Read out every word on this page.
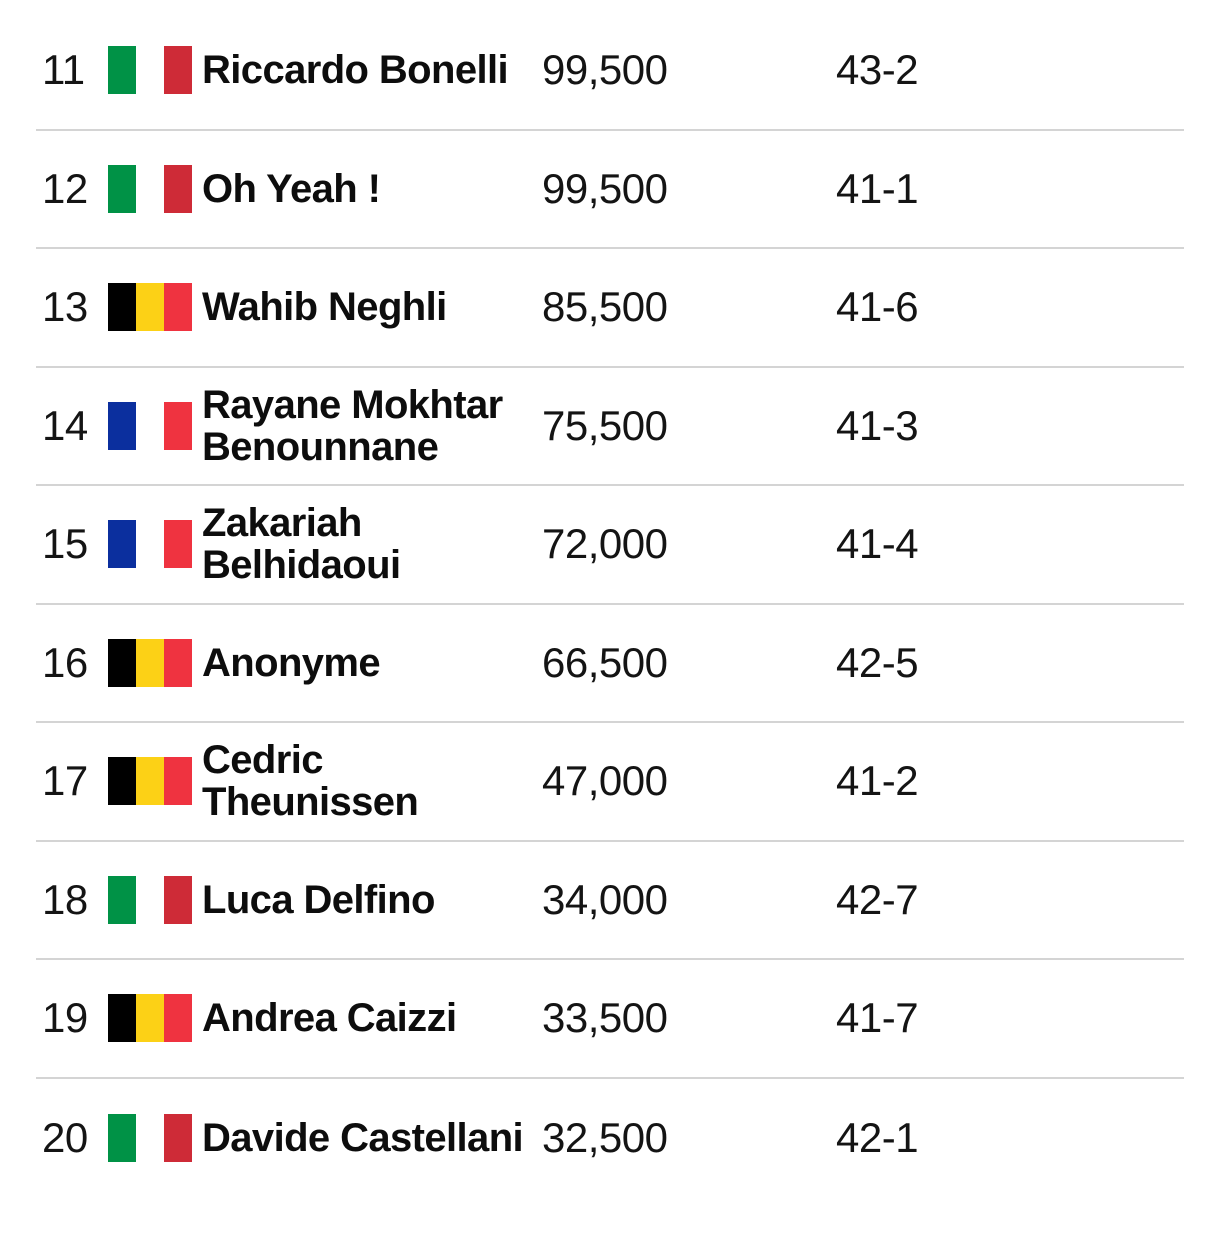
11	Riccardo Bonelli 99,500	43-2
12	Oh Yeah !	99,500	41-1
13	Wahib Neghli	85,500	41-6
14	Rayane Mokhtar Benounnane	75,500	41-3
15	Zakariah Belhidaoui	72,000	41-4
16	Anonyme	66,500	42-5
17	Cedric Theunissen	47,000	41-2
18	Luca Delfino	34,000	42-7
19	Andrea Caizzi	33,500	41-7
20	Davide Castellani 32,500	42-1
